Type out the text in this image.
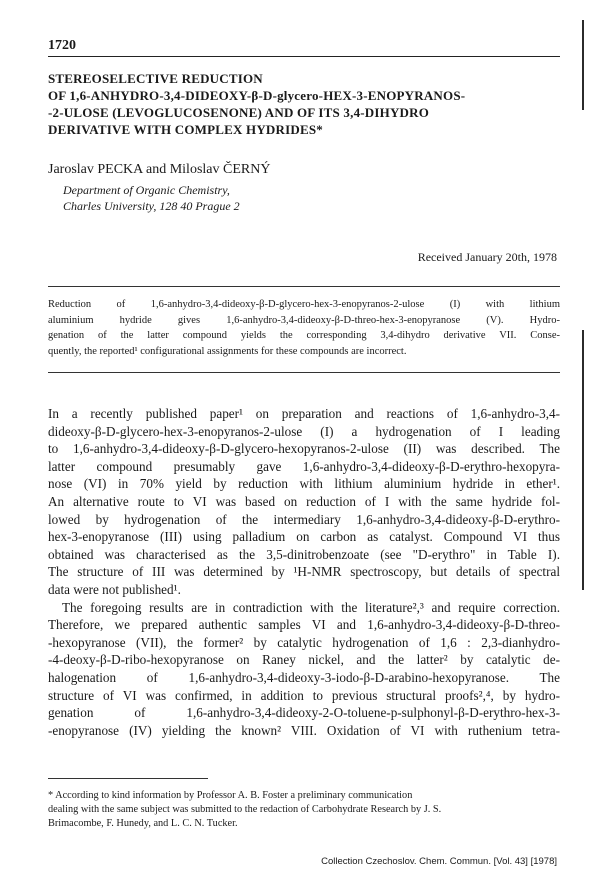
1720
STEREOSELECTIVE REDUCTION
OF 1,6-ANHYDRO-3,4-DIDEOXY-β-D-glycero-HEX-3-ENOPYRANOS-
-2-ULOSE (LEVOGLUCOSENONE) AND OF ITS 3,4-DIHYDRO
DERIVATIVE WITH COMPLEX HYDRIDES*
Jaroslav PECKA and Miloslav ČERNÝ
Department of Organic Chemistry,
Charles University, 128 40 Prague 2
Received January 20th, 1978
Reduction of 1,6-anhydro-3,4-dideoxy-β-D-glycero-hex-3-enopyranos-2-ulose (I) with lithium
aluminium hydride gives 1,6-anhydro-3,4-dideoxy-β-D-threo-hex-3-enopyranose (V). Hydro-
genation of the latter compound yields the corresponding 3,4-dihydro derivative VII. Conse-
quently, the reported¹ configurational assignments for these compounds are incorrect.
In a recently published paper¹ on preparation and reactions of 1,6-anhydro-3,4-
dideoxy-β-D-glycero-hex-3-enopyranos-2-ulose (I) a hydrogenation of I leading
to 1,6-anhydro-3,4-dideoxy-β-D-glycero-hexopyranos-2-ulose (II) was described. The
latter compound presumably gave 1,6-anhydro-3,4-dideoxy-β-D-erythro-hexopyra-
nose (VI) in 70% yield by reduction with lithium aluminium hydride in ether¹.
An alternative route to VI was based on reduction of I with the same hydride fol-
lowed by hydrogenation of the intermediary 1,6-anhydro-3,4-dideoxy-β-D-erythro-
hex-3-enopyranose (III) using palladium on carbon as catalyst. Compound VI thus
obtained was characterised as the 3,5-dinitrobenzoate (see "D-erythro" in Table I).
The structure of III was determined by ¹H-NMR spectroscopy, but details of spectral
data were not published¹.
The foregoing results are in contradiction with the literature²,³ and require correction.
Therefore, we prepared authentic samples VI and 1,6-anhydro-3,4-dideoxy-β-D-threo-
-hexopyranose (VII), the former² by catalytic hydrogenation of 1,6 : 2,3-dianhydro-
-4-deoxy-β-D-ribo-hexopyranose on Raney nickel, and the latter² by catalytic de-
halogenation of 1,6-anhydro-3,4-dideoxy-3-iodo-β-D-arabino-hexopyranose. The
structure of VI was confirmed, in addition to previous structural proofs²,⁴, by hydro-
genation of 1,6-anhydro-3,4-dideoxy-2-O-toluene-p-sulphonyl-β-D-erythro-hex-3-
-enopyranose (IV) yielding the known² VIII. Oxidation of VI with ruthenium tetra-
* According to kind information by Professor A. B. Foster a preliminary communication
dealing with the same subject was submitted to the redaction of Carbohydrate Research by J. S.
Brimacombe, F. Hunedy, and L. C. N. Tucker.
Collection Czechoslov. Chem. Commun. [Vol. 43] [1978]
